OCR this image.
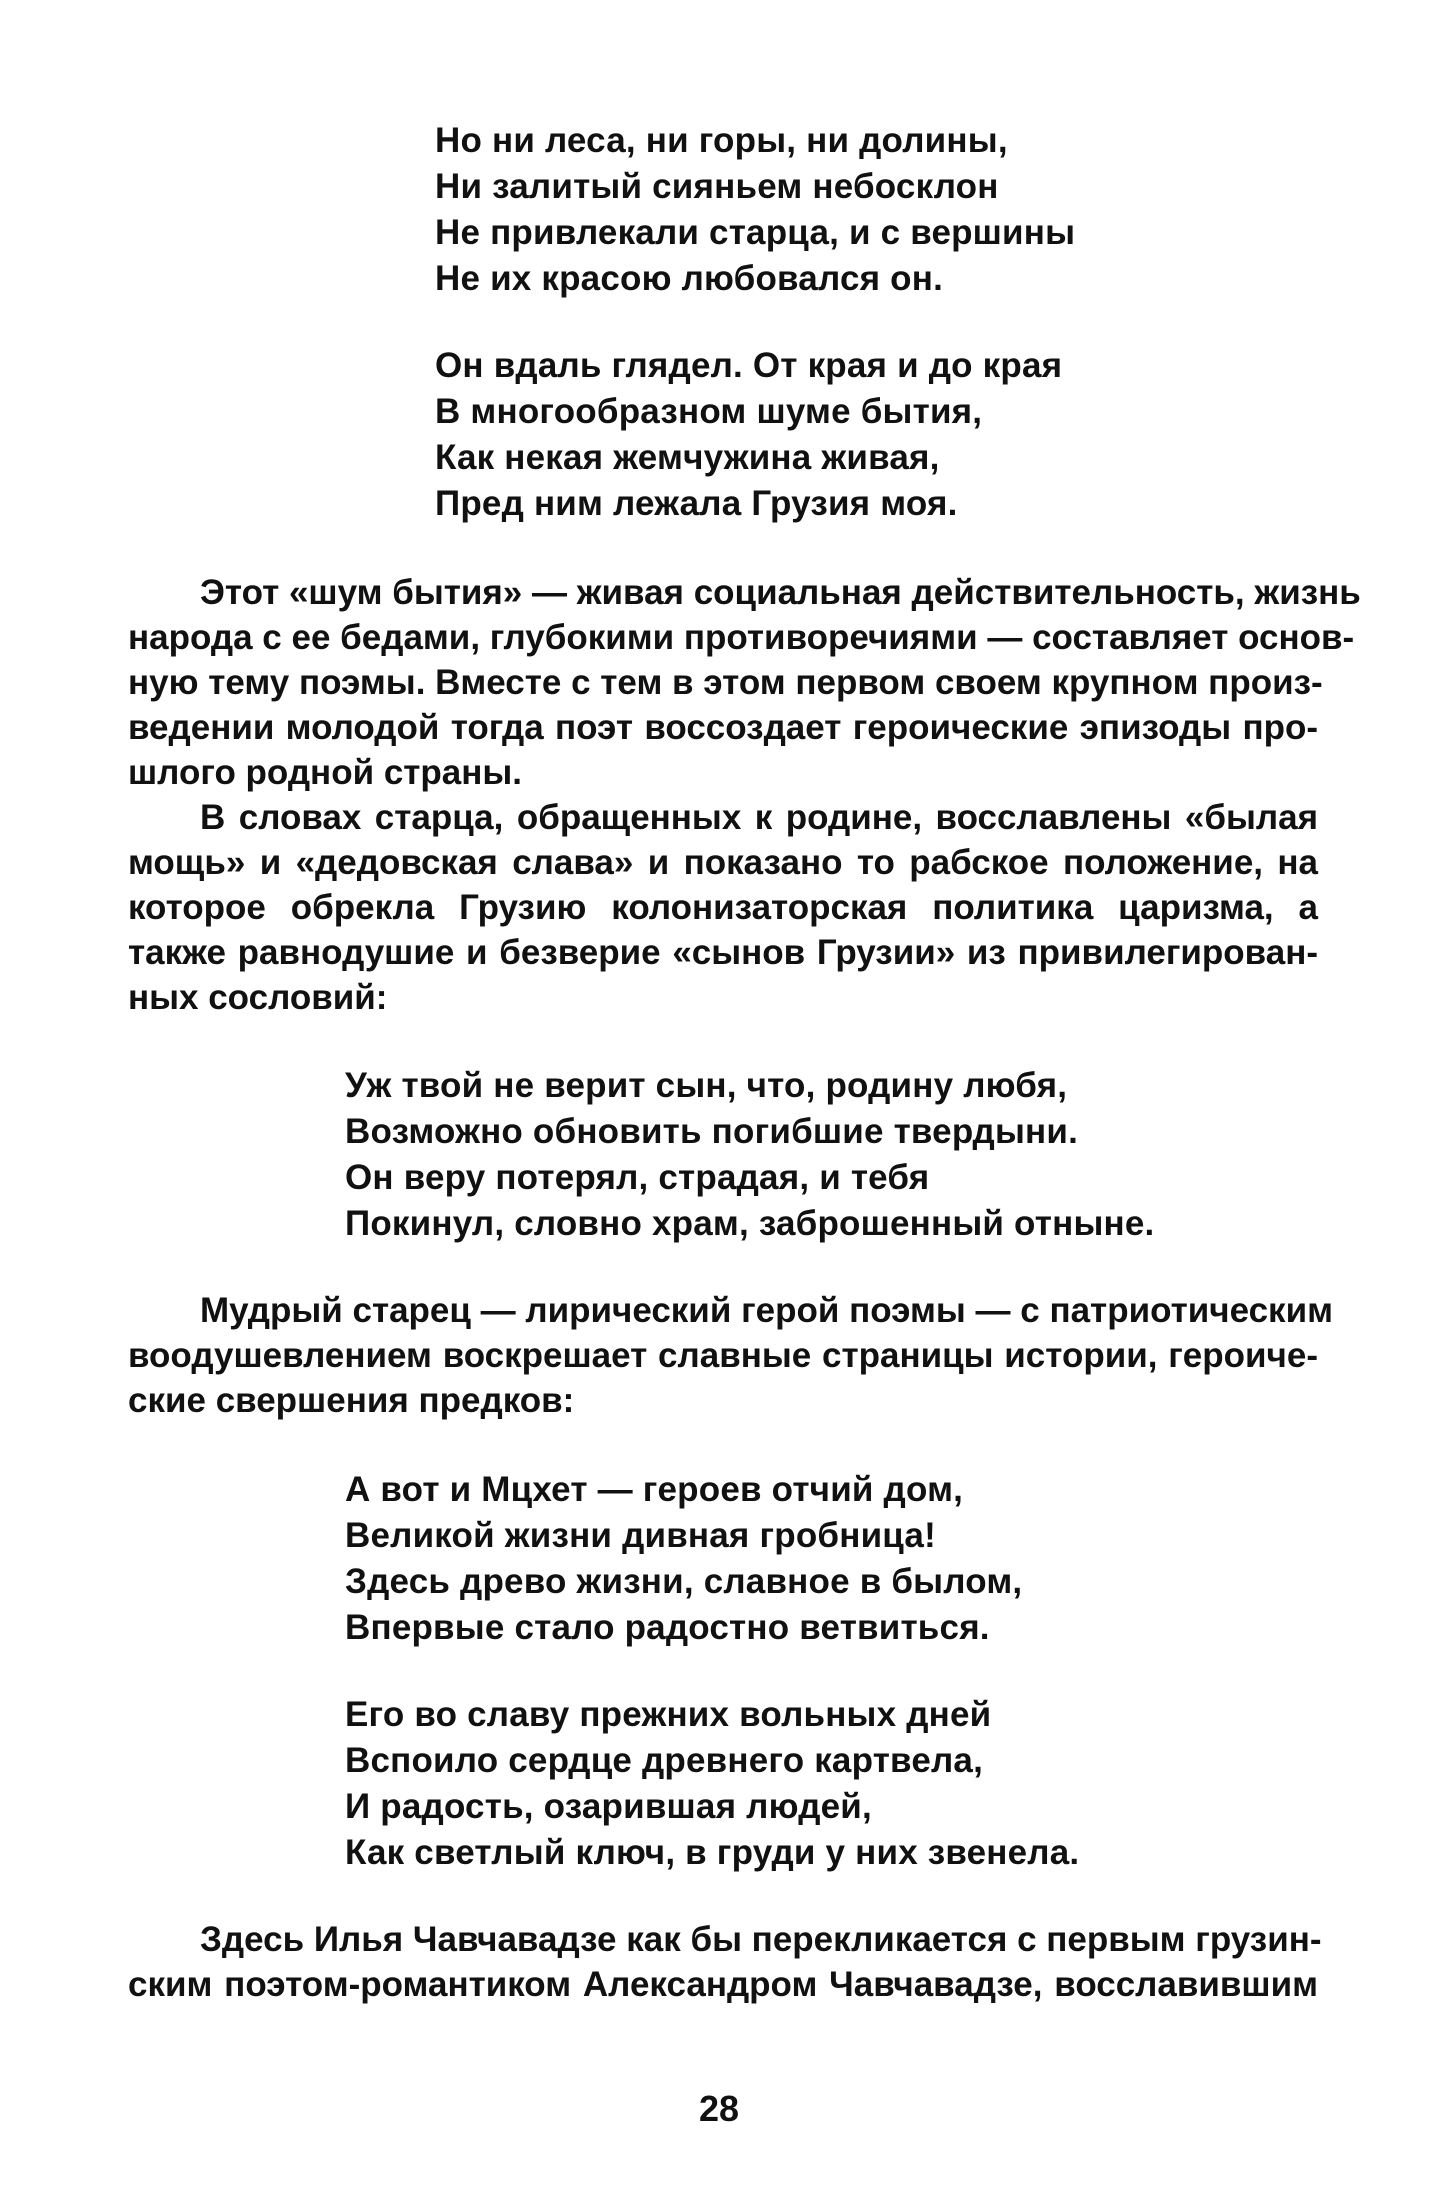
Но ни леса, ни горы, ни долины,
Ни залитый сияньем небосклон
Не привлекали старца, и с вершины
Не их красою любовался он.
Он вдаль глядел. От края и до края
В многообразном шуме бытия,
Как некая жемчужина живая,
Пред ним лежала Грузия моя.
Этот «шум бытия» — живая социальная действительность, жизнь
народа с ее бедами, глубокими противоречиями — составляет основ-
ную тему поэмы. Вместе с тем в этом первом своем крупном произ-
ведении молодой тогда поэт воссоздает героические эпизоды про-
шлого родной страны.
В словах старца, обращенных к родине, восславлены «былая
мощь» и «дедовская слава» и показано то рабское положение, на
которое обрекла Грузию колонизаторская политика царизма, а
также равнодушие и безверие «сынов Грузии» из привилегирован-
ных сословий:
Уж твой не верит сын, что, родину любя,
Возможно обновить погибшие твердыни.
Он веру потерял, страдая, и тебя
Покинул, словно храм, заброшенный отныне.
Мудрый старец — лирический герой поэмы — с патриотическим
воодушевлением воскрешает славные страницы истории, героиче-
ские свершения предков:
А вот и Мцхет — героев отчий дом,
Великой жизни дивная гробница!
Здесь древо жизни, славное в былом,
Впервые стало радостно ветвиться.
Его во славу прежних вольных дней
Вспоило сердце древнего картвела,
И радость, озарившая людей,
Как светлый ключ, в груди у них звенела.
Здесь Илья Чавчавадзе как бы перекликается с первым грузин-
ским поэтом-романтиком Александром Чавчавадзе, восславившим
28
